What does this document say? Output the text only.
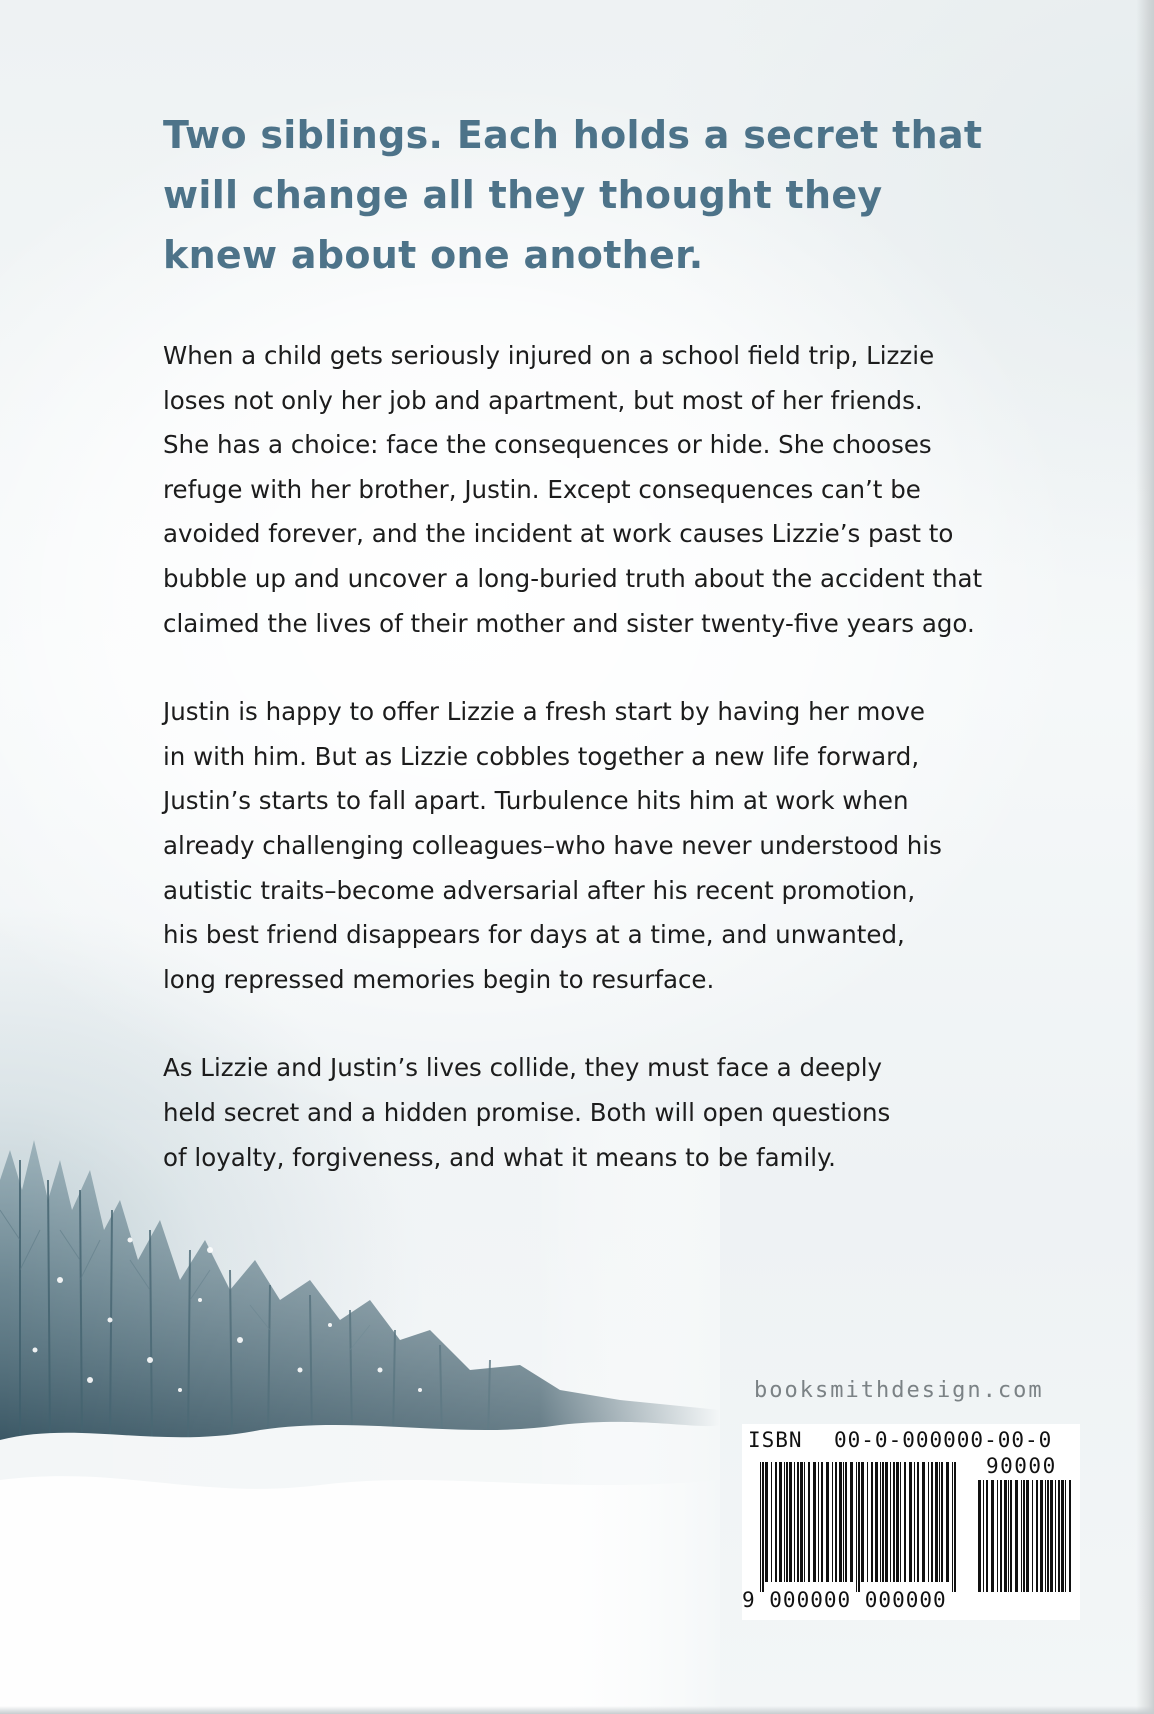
Two siblings. Each holds a secret that will change all they thought they knew about one another.

When a child gets seriously injured on a school field trip, Lizzie
loses not only her job and apartment, but most of her friends.
She has a choice: face the consequences or hide. She chooses
refuge with her brother, Justin. Except consequences can’t be
avoided forever, and the incident at work causes Lizzie’s past to
bubble up and uncover a long-buried truth about the accident that
claimed the lives of their mother and sister twenty-five years ago.

Justin is happy to offer Lizzie a fresh start by having her move
in with him. But as Lizzie cobbles together a new life forward,
Justin’s starts to fall apart. Turbulence hits him at work when
already challenging colleagues–who have never understood his
autistic traits–become adversarial after his recent promotion,
his best friend disappears for days at a time, and unwanted,
long repressed memories begin to resurface.

As Lizzie and Justin’s lives collide, they must face a deeply
held secret and a hidden promise. Both will open questions
of loyalty, forgiveness, and what it means to be family.

booksmithdesign.com
ISBN 00-0-000000-00-0
90000
9 000000 000000
